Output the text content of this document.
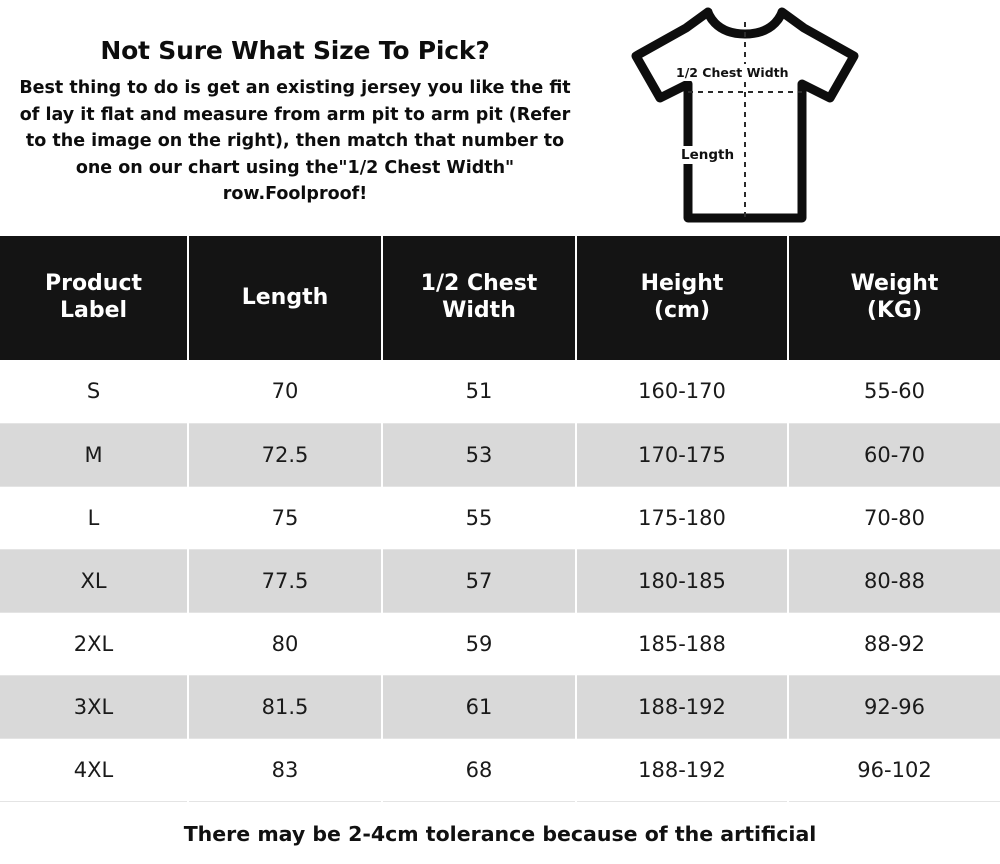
Not Sure What Size To Pick?
Best thing to do is get an existing jersey you like the fit of lay it flat and measure from arm pit to arm pit (Refer to the image on the right), then match that number to one on our chart using the"1/2 Chest Width" row.Foolproof!
1/2 Chest Width
Length
Product
Label

Length

1/2 Chest Width

Height
(cm)

Weight
(KG)

S	70	51	160-170	55-60
M	72.5	53	170-175	60-70
L	75	55	175-180	70-80
XL	77.5	57	180-185	80-88
2XL	80	59	185-188	88-92
3XL	81.5	61	188-192	92-96
4XL	83	68	188-192	96-102
There may be 2-4cm tolerance because of the artificial
